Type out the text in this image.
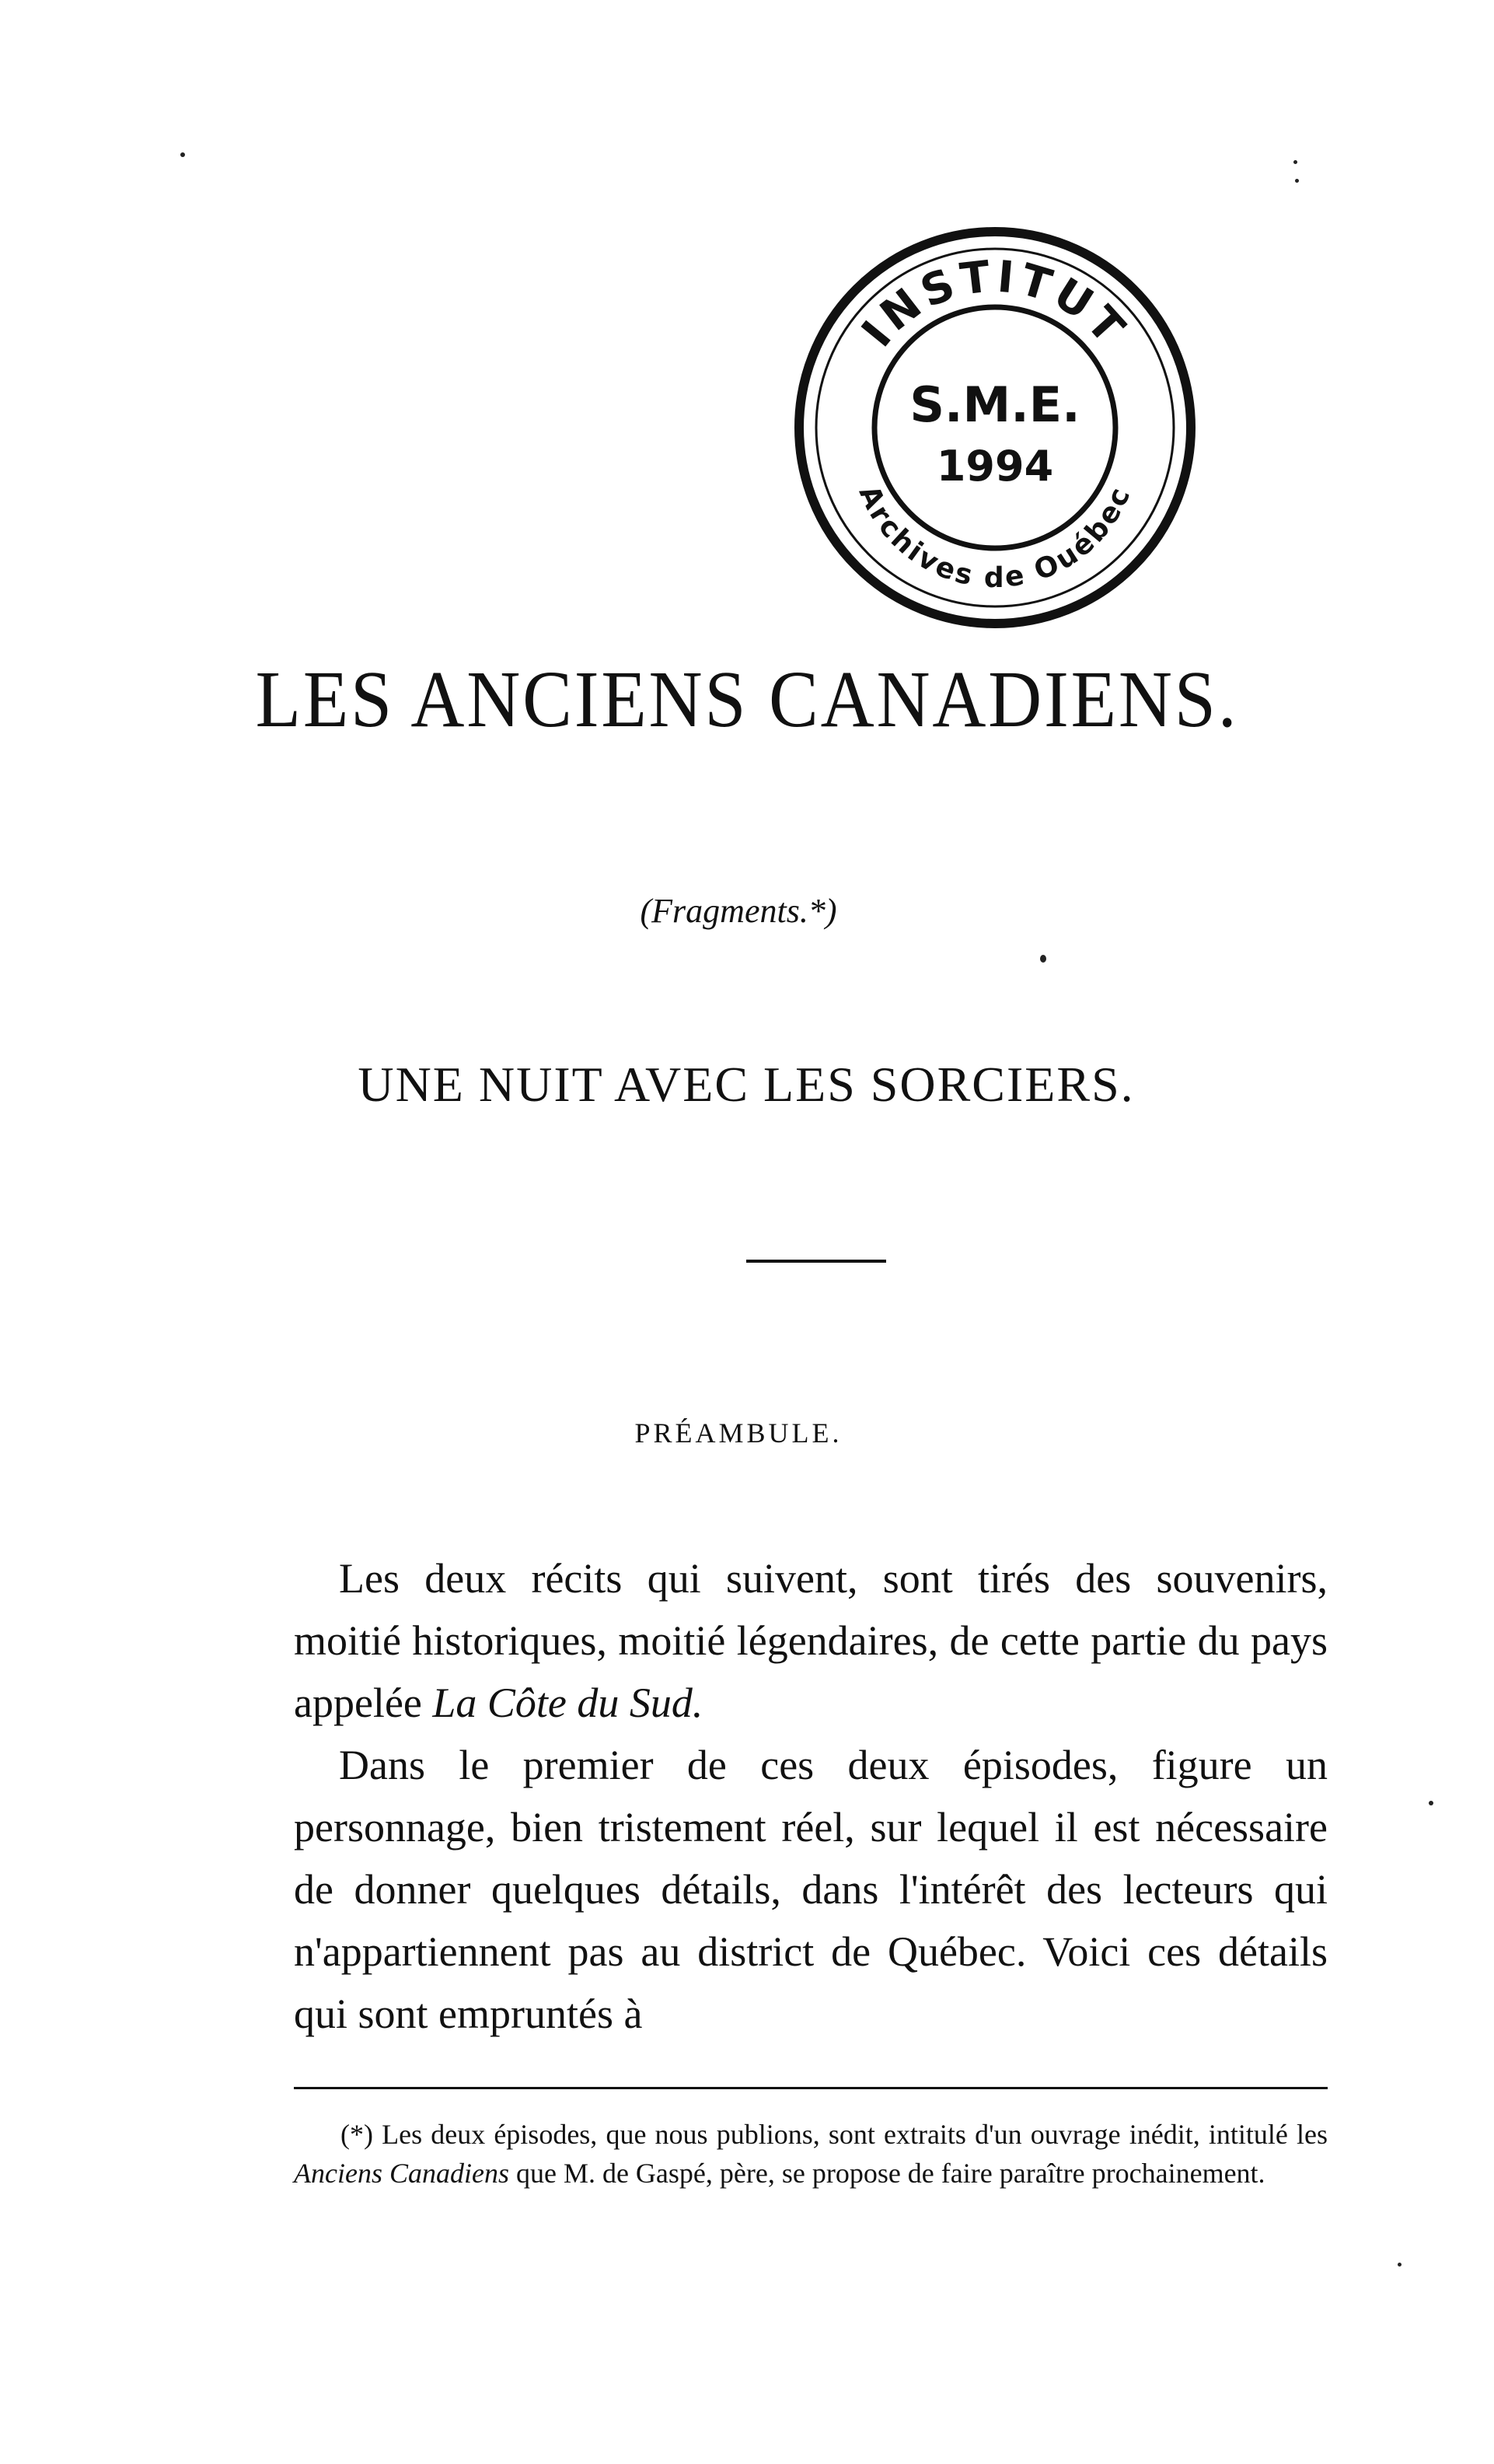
INSTITUT
Archives de Ouébec
S.M.E.
1994
LES ANCIENS CANADIENS.
(Fragments.*)
UNE NUIT AVEC LES SORCIERS.
PRÉAMBULE.

Les deux récits qui suivent, sont tirés des souvenirs, moitié historiques, moitié légendaires, de cette partie du pays appelée La Côte du Sud.

Dans le premier de ces deux épisodes, figure un personnage, bien tristement réel, sur lequel il est nécessaire de donner quelques détails, dans l'intérêt des lecteurs qui n'appartiennent pas au district de Québec. Voici ces détails qui sont empruntés à

(*) Les deux épisodes, que nous publions, sont extraits d'un ouvrage inédit, intitulé les Anciens Canadiens que M. de Gaspé, père, se propose de faire paraître prochainement.
